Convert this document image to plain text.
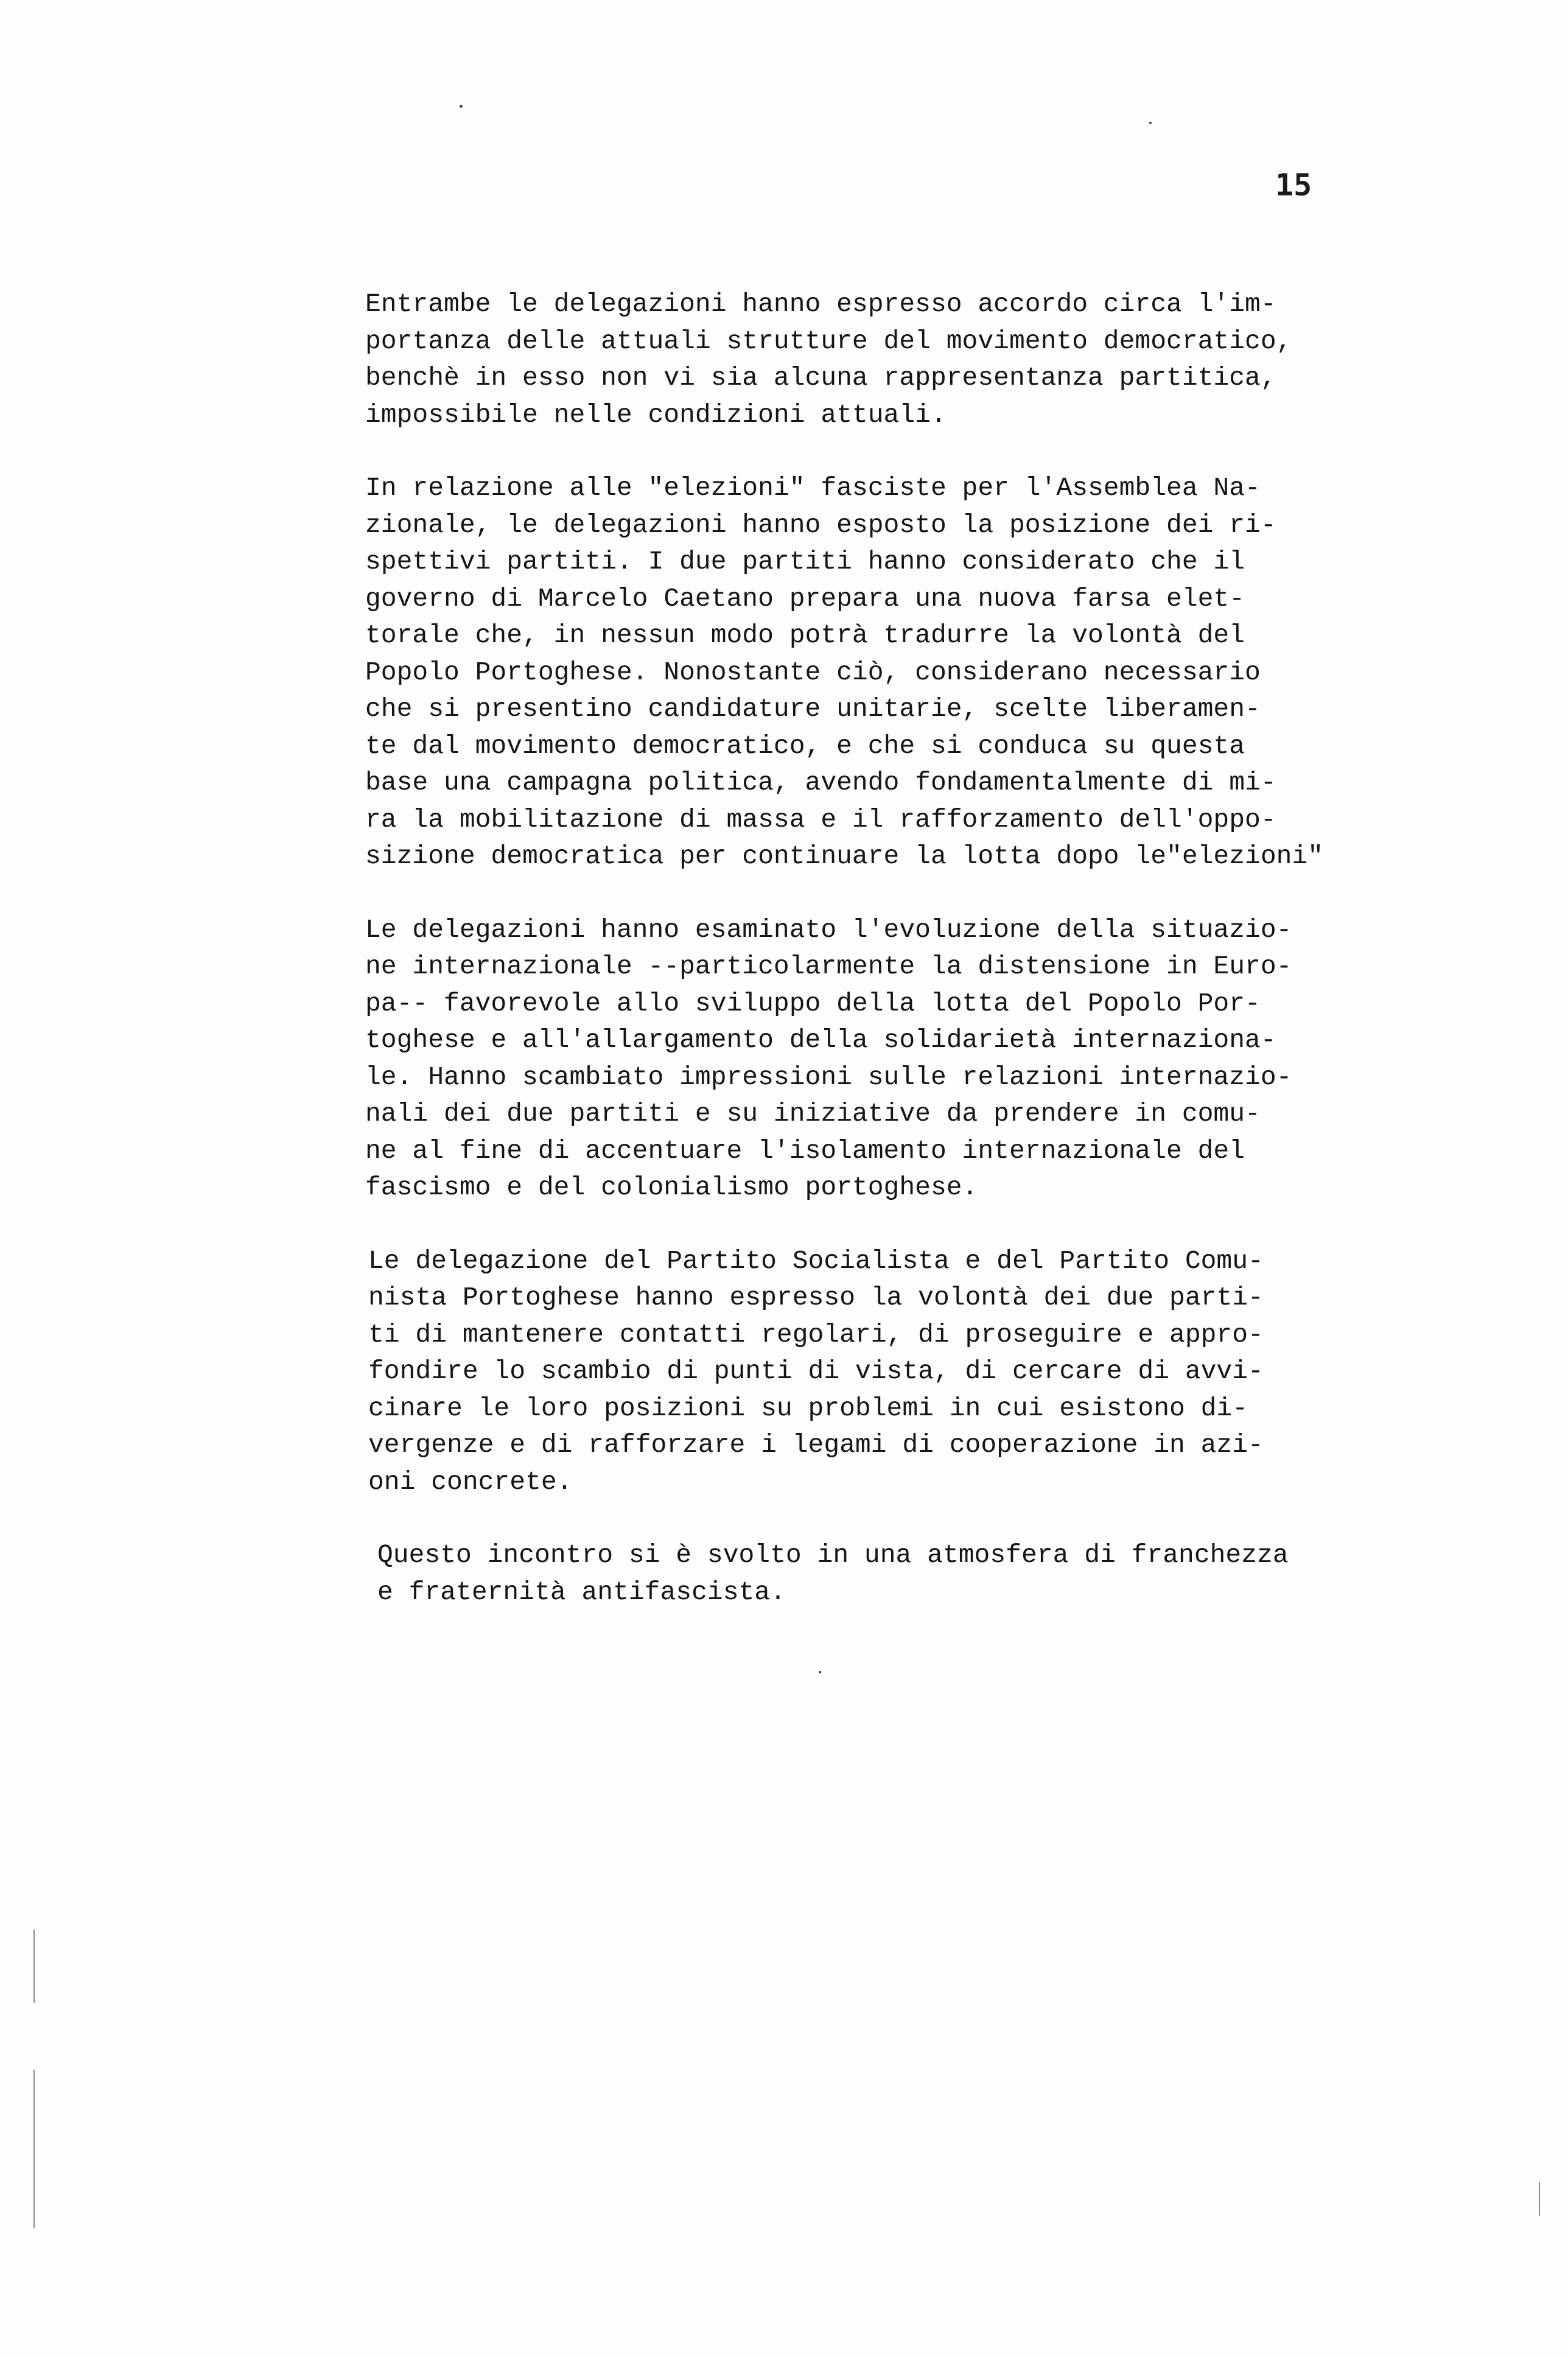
15

Entrambe le delegazioni hanno espresso accordo circa l'im-
portanza delle attuali strutture del movimento democratico,
benchè in esso non vi sia alcuna rappresentanza partitica,
impossibile nelle condizioni attuali.

In relazione alle "elezioni" fasciste per l'Assemblea Na-
zionale, le delegazioni hanno esposto la posizione dei ri-
spettivi partiti. I due partiti hanno considerato che il
governo di Marcelo Caetano prepara una nuova farsa elet-
torale che, in nessun modo potrà tradurre la volontà del
Popolo Portoghese. Nonostante ciò, considerano necessario
che si presentino candidature unitarie, scelte liberamen-
te dal movimento democratico, e che si conduca su questa
base una campagna politica, avendo fondamentalmente di mi-
ra la mobilitazione di massa e il rafforzamento dell'oppo-
sizione democratica per continuare la lotta dopo le"elezioni"

Le delegazioni hanno esaminato l'evoluzione della situazio-
ne internazionale --particolarmente la distensione in Euro-
pa-- favorevole allo sviluppo della lotta del Popolo Por-
toghese e all'allargamento della solidarietà internaziona-
le. Hanno scambiato impressioni sulle relazioni internazio-
nali dei due partiti e su iniziative da prendere in comu-
ne al fine di accentuare l'isolamento internazionale del
fascismo e del colonialismo portoghese.

Le delegazione del Partito Socialista e del Partito Comu-
nista Portoghese hanno espresso la volontà dei due parti-
ti di mantenere contatti regolari, di proseguire e appro-
fondire lo scambio di punti di vista, di cercare di avvi-
cinare le loro posizioni su problemi in cui esistono di-
vergenze e di rafforzare i legami di cooperazione in azi-
oni concrete.

Questo incontro si è svolto in una atmosfera di franchezza
e fraternità antifascista.
